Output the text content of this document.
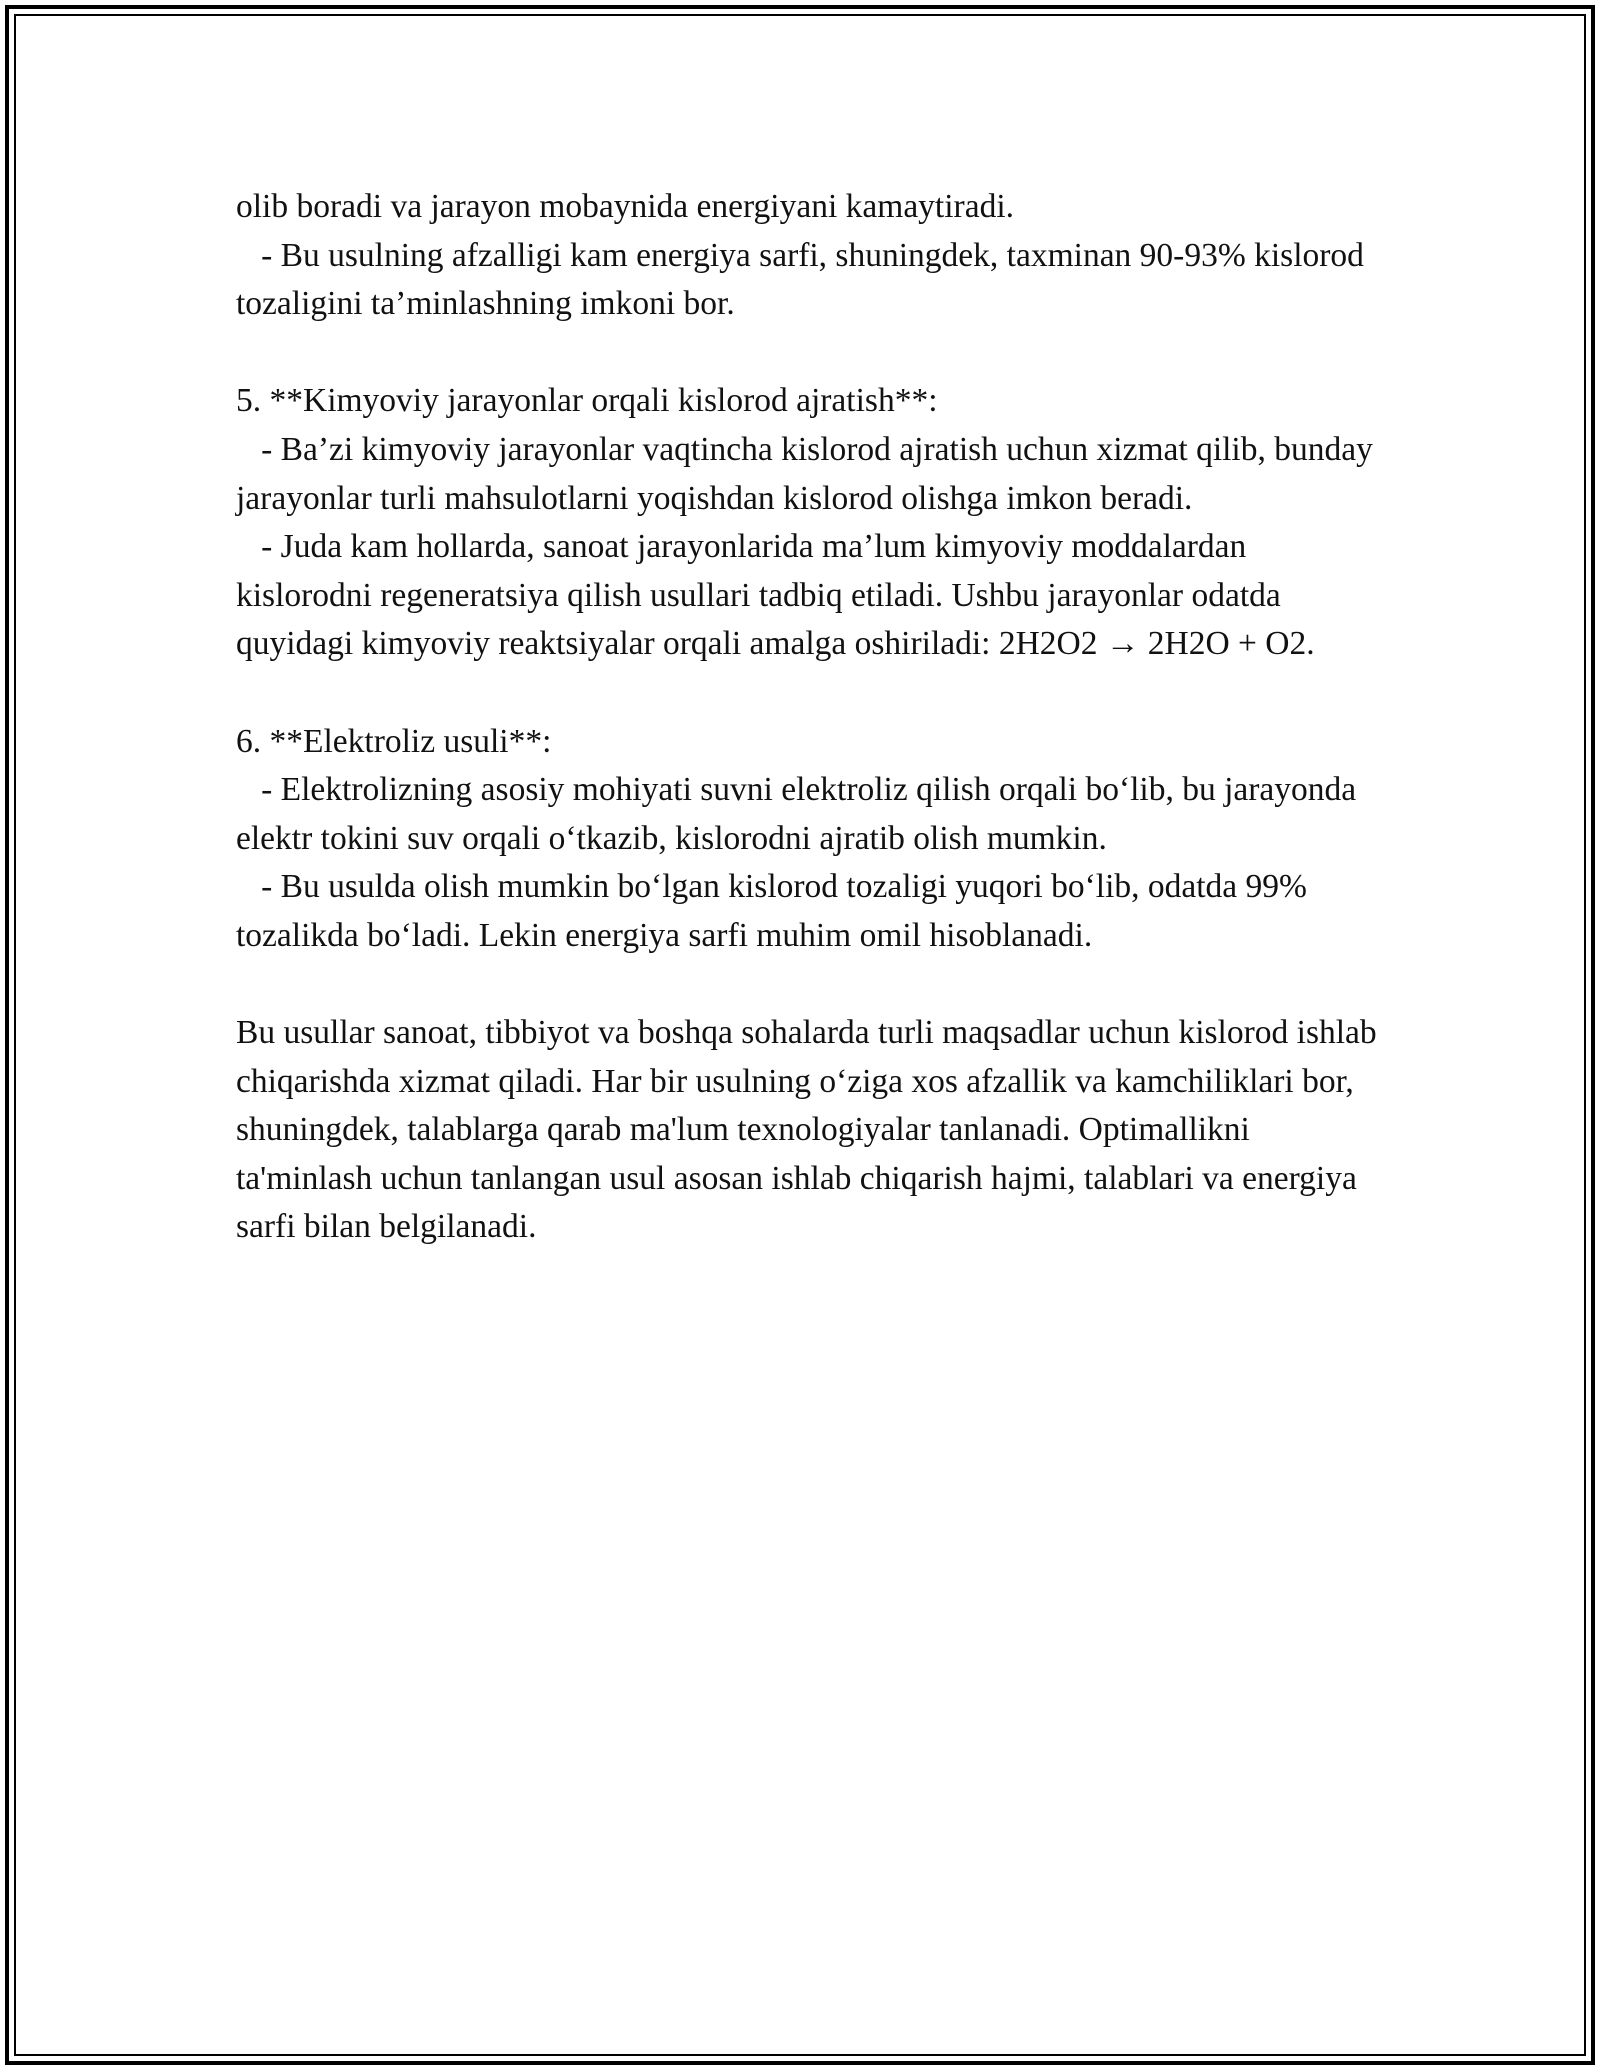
olib boradi va jarayon mobaynida energiyani kamaytiradi.

- Bu usulning afzalligi kam energiya sarfi, shuningdek, taxminan 90-93% kislorod tozaligini ta’minlashning imkoni bor.

5. **Kimyoviy jarayonlar orqali kislorod ajratish**:

- Ba’zi kimyoviy jarayonlar vaqtincha kislorod ajratish uchun xizmat qilib, bunday jarayonlar turli mahsulotlarni yoqishdan kislorod olishga imkon beradi.

- Juda kam hollarda, sanoat jarayonlarida ma’lum kimyoviy moddalardan kislorodni regeneratsiya qilish usullari tadbiq etiladi. Ushbu jarayonlar odatda quyidagi kimyoviy reaktsiyalar orqali amalga oshiriladi: 2H2O2 → 2H2O + O2.

6. **Elektroliz usuli**:

- Elektrolizning asosiy mohiyati suvni elektroliz qilish orqali bo‘lib, bu jarayonda elektr tokini suv orqali o‘tkazib, kislorodni ajratib olish mumkin.

- Bu usulda olish mumkin bo‘lgan kislorod tozaligi yuqori bo‘lib, odatda 99% tozalikda bo‘ladi. Lekin energiya sarfi muhim omil hisoblanadi.

Bu usullar sanoat, tibbiyot va boshqa sohalarda turli maqsadlar uchun kislorod ishlab chiqarishda xizmat qiladi. Har bir usulning o‘ziga xos afzallik va kamchiliklari bor, shuningdek, talablarga qarab ma'lum texnologiyalar tanlanadi. Optimallikni ta'minlash uchun tanlangan usul asosan ishlab chiqarish hajmi, talablari va energiya sarfi bilan belgilanadi.
